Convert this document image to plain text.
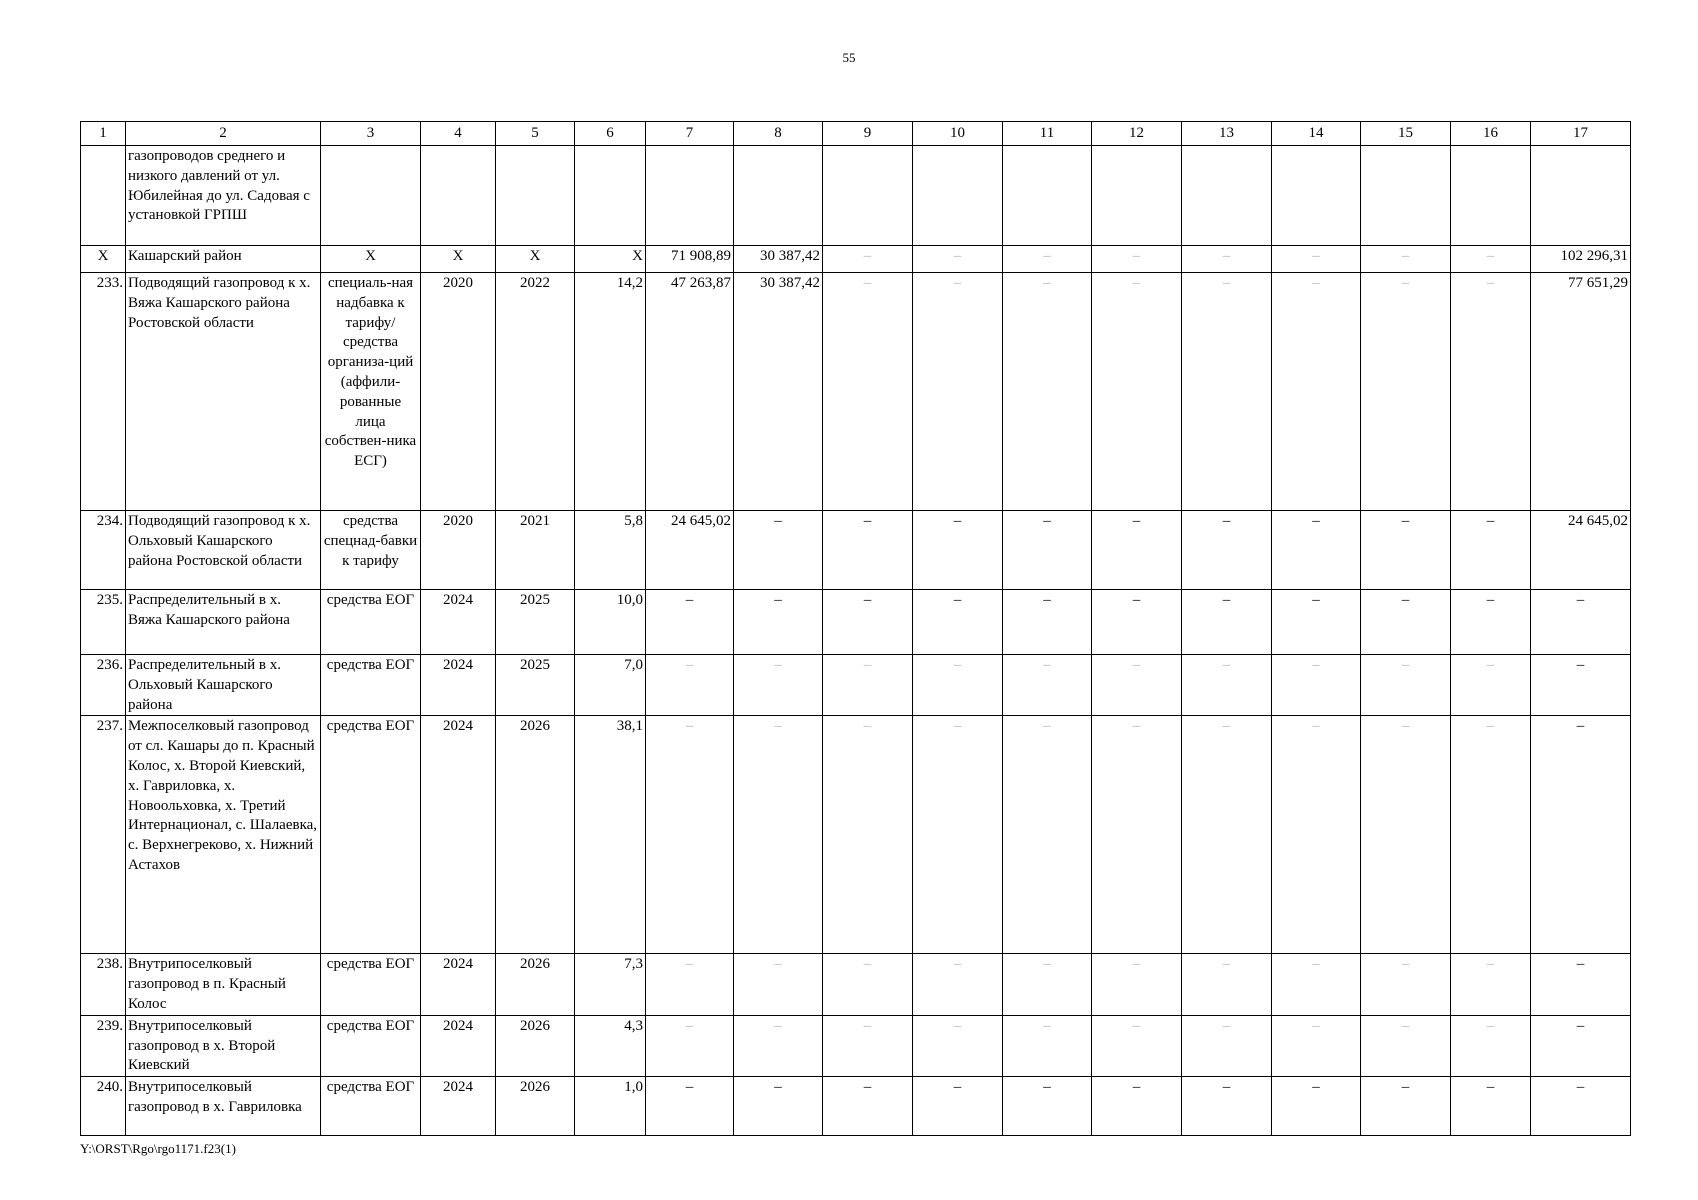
55
1	2	3	4	5	6	7	8	9	10	11	12	13	14	15	16	17
	газопроводов среднего и низкого давлений от ул. Юбилейная до ул. Садовая с установкой ГРПШ															
Х	Кашарский район	Х	Х	Х	Х	71 908,89	30 387,42	–	–	–	–	–	–	–	–	102 296,31
233.	Подводящий газопровод к х. Вяжа Кашарского района Ростовской области	специаль-ная надбавка к тарифу/ средства организа-ций (аффили-рованные лица собствен-ника ЕСГ)	2020	2022	14,2	47 263,87	30 387,42	–	–	–	–	–	–	–	–	77 651,29
234.	Подводящий газопровод к х. Ольховый Кашарского района Ростовской области	средства спецнад-бавки к тарифу	2020	2021	5,8	24 645,02	–	–	–	–	–	–	–	–	–	24 645,02
235.	Распределительный в х. Вяжа Кашарского района	средства ЕОГ	2024	2025	10,0	–	–	–	–	–	–	–	–	–	–	–
236.	Распределительный в х. Ольховый Кашарского района	средства ЕОГ	2024	2025	7,0	–	–	–	–	–	–	–	–	–	–	–
237.	Межпоселковый газопровод от сл. Кашары до п. Красный Колос, х. Второй Киевский, х. Гавриловка, х. Новоольховка, х. Третий Интернационал, с. Шалаевка, с. Верхнегреково, х. Нижний Астахов	средства ЕОГ	2024	2026	38,1	–	–	–	–	–	–	–	–	–	–	–
238.	Внутрипоселковый газопровод в п. Красный Колос	средства ЕОГ	2024	2026	7,3	–	–	–	–	–	–	–	–	–	–	–
239.	Внутрипоселковый газопровод в х. Второй Киевский	средства ЕОГ	2024	2026	4,3	–	–	–	–	–	–	–	–	–	–	–
240.	Внутрипоселковый газопровод в х. Гавриловка	средства ЕОГ	2024	2026	1,0	–	–	–	–	–	–	–	–	–	–	–
Y:\ORST\Rgo\rgo1171.f23(1)
